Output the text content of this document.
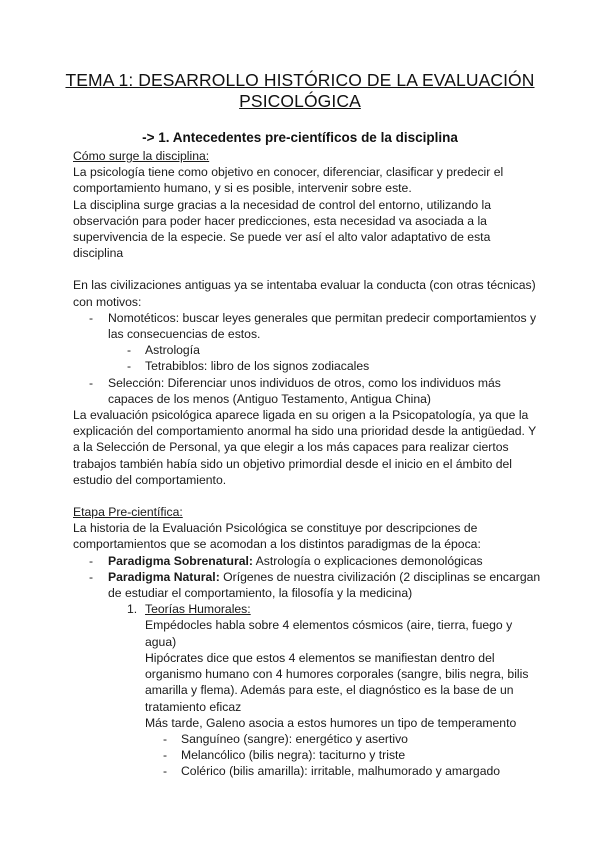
TEMA 1: DESARROLLO HISTÓRICO DE LA EVALUACIÓN
PSICOLÓGICA
-> 1. Antecedentes pre-científicos de la disciplina

Cómo surge la disciplina:

La psicología tiene como objetivo en conocer, diferenciar, clasificar y predecir el comportamiento humano, y si es posible, intervenir sobre este.

La disciplina surge gracias a la necesidad de control del entorno, utilizando la observación para poder hacer predicciones, esta necesidad va asociada a la supervivencia de la especie. Se puede ver así el alto valor adaptativo de esta disciplina

En las civilizaciones antiguas ya se intentaba evaluar la conducta (con otras técnicas) con motivos:

- Nomotéticos: buscar leyes generales que permitan predecir comportamientos y las consecuencias de estos.
- Astrología
- Tetrabiblos: libro de los signos zodiacales
- Selección: Diferenciar unos individuos de otros, como los individuos más capaces de los menos (Antiguo Testamento, Antigua China)

La evaluación psicológica aparece ligada en su origen a la Psicopatología, ya que la explicación del comportamiento anormal ha sido una prioridad desde la antigüedad. Y a la Selección de Personal, ya que elegir a los más capaces para realizar ciertos trabajos también había sido un objetivo primordial desde el inicio en el ámbito del estudio del comportamiento.

Etapa Pre-científica:

La historia de la Evaluación Psicológica se constituye por descripciones de comportamientos que se acomodan a los distintos paradigmas de la época:

- Paradigma Sobrenatural: Astrología o explicaciones demonológicas
- Paradigma Natural: Orígenes de nuestra civilización (2 disciplinas se encargan de estudiar el comportamiento, la filosofía y la medicina)
1. Teorías Humorales:

Empédocles habla sobre 4 elementos cósmicos (aire, tierra, fuego y agua)

Hipócrates dice que estos 4 elementos se manifiestan dentro del organismo humano con 4 humores corporales (sangre, bilis negra, bilis amarilla y flema). Además para este, el diagnóstico es la base de un tratamiento eficaz

Más tarde, Galeno asocia a estos humores un tipo de temperamento

- Sanguíneo (sangre): energético y asertivo
- Melancólico (bilis negra): taciturno y triste
- Colérico (bilis amarilla): irritable, malhumorado y amargado
